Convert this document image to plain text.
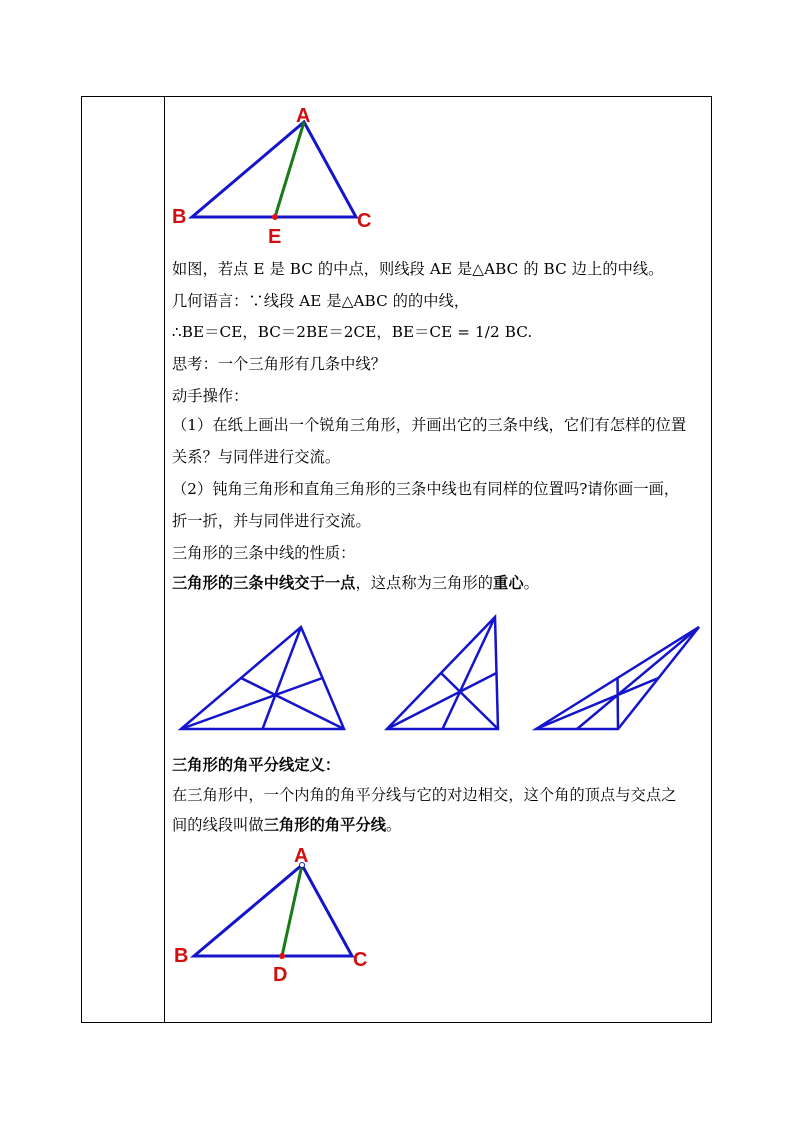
A
B	C
E
如图，若点 E 是 BC 的中点，则线段 AE 是△ABC 的 BC 边上的中线。
几何语言：∵线段 AE 是△ABC 的的中线，
∴BE＝CE，BC＝2BE＝2CE，BE＝CE = 1/2 BC.
思考：一个三角形有几条中线？
动手操作：
（1）在纸上画出一个锐角三角形，并画出它的三条中线，它们有怎样的位置
关系？与同伴进行交流。
（2）钝角三角形和直角三角形的三条中线也有同样的位置吗?请你画一画，
折一折，并与同伴进行交流。
三角形的三条中线的性质：
三角形的三条中线交于一点，这点称为三角形的重心。
三角形的角平分线定义：
在三角形中，一个内角的角平分线与它的对边相交，这个角的顶点与交点之
间的线段叫做三角形的角平分线。
A
B	C
D
